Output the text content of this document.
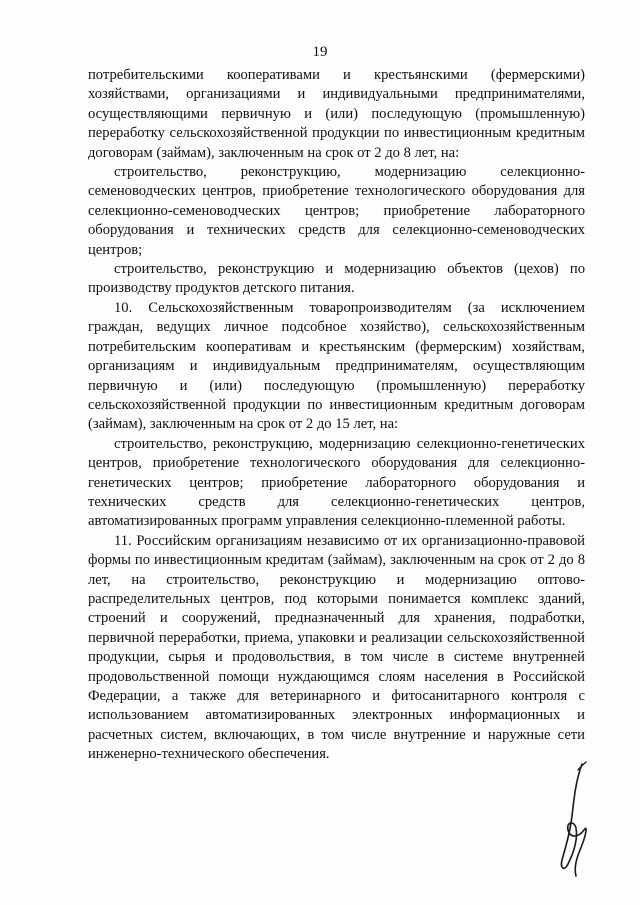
19

потребительскими кооперативами и крестьянскими (фермерскими) хозяйствами, организациями и индивидуальными предпринимателями, осуществляющими первичную и (или) последующую (промышленную) переработку сельскохозяйственной продукции по инвестиционным кредитным договорам (займам), заключенным на срок от 2 до 8 лет, на:

строительство, реконструкцию, модернизацию селекционно-семеноводческих центров, приобретение технологического оборудования для селекционно-семеноводческих центров; приобретение лабораторного оборудования и технических средств для селекционно-семеноводческих центров;

строительство, реконструкцию и модернизацию объектов (цехов) по производству продуктов детского питания.

10. Сельскохозяйственным товаропроизводителям (за исключением граждан, ведущих личное подсобное хозяйство), сельскохозяйственным потребительским кооперативам и крестьянским (фермерским) хозяйствам, организациям и индивидуальным предпринимателям, осуществляющим первичную и (или) последующую (промышленную) переработку сельскохозяйственной продукции по инвестиционным кредитным договорам (займам), заключенным на срок от 2 до 15 лет, на:

строительство, реконструкцию, модернизацию селекционно-генетических центров, приобретение технологического оборудования для селекционно-генетических центров; приобретение лабораторного оборудования и технических средств для селекционно-генетических центров, автоматизированных программ управления селекционно-племенной работы.

11. Российским организациям независимо от их организационно-правовой формы по инвестиционным кредитам (займам), заключенным на срок от 2 до 8 лет, на строительство, реконструкцию и модернизацию оптово-распределительных центров, под которыми понимается комплекс зданий, строений и сооружений, предназначенный для хранения, подработки, первичной переработки, приема, упаковки и реализации сельскохозяйственной продукции, сырья и продовольствия, в том числе в системе внутренней продовольственной помощи нуждающимся слоям населения в Российской Федерации, а также для ветеринарного и фитосанитарного контроля с использованием автоматизированных электронных информационных и расчетных систем, включающих, в том числе внутренние и наружные сети инженерно-технического обеспечения.
